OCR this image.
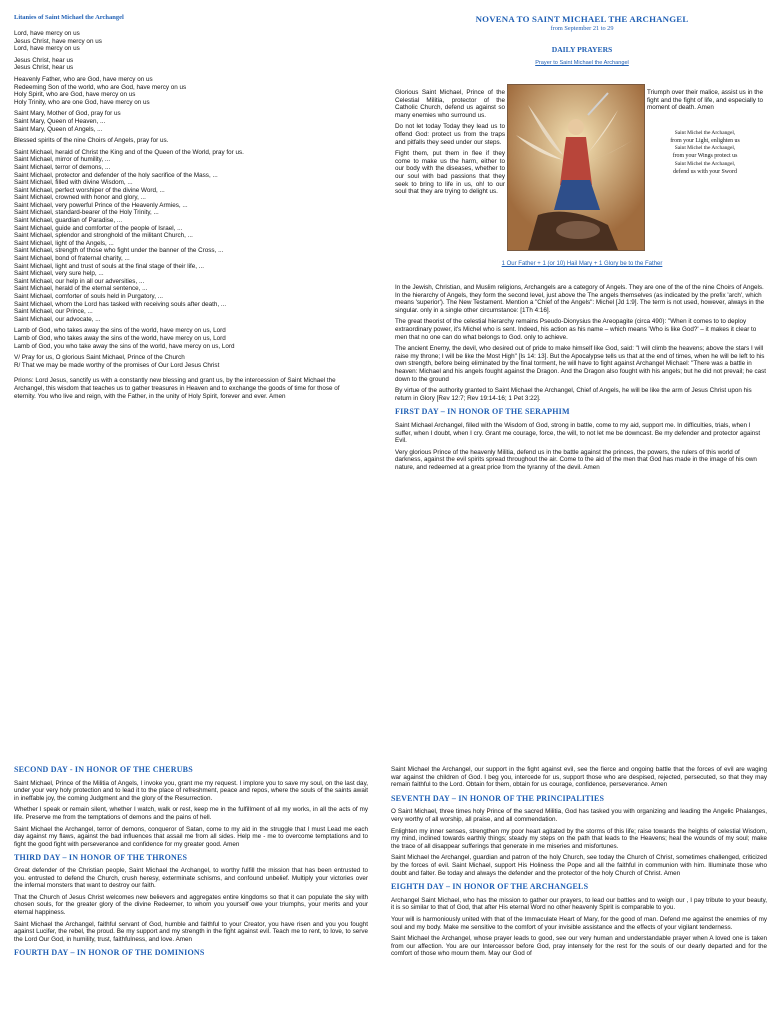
Litanies of Saint Michael the Archangel
Lord, have mercy on us
Jesus Christ, have mercy on us
Lord, have mercy on us
Jesus Christ, hear us
Jesus Christ, hear us
Heavenly Father, who are God, have mercy on us
Redeeming Son of the world, who are God, have mercy on us
Holy Spirit, who are God, have mercy on us
Holy Trinity, who are one God, have mercy on us
Saint Mary, Mother of God, pray for us
Saint Mary, Queen of Heaven, ...
Saint Mary, Queen of Angels, ...
Blessed spirits of the nine Choirs of Angels, pray for us.
Saint Michael, herald of Christ the King and of the Queen of the World, pray for us.
Saint Michael, mirror of humility, ...
Saint Michael, terror of demons, ...
Saint Michael, protector and defender of the holy sacrifice of the Mass, ...
Saint Michael, filled with divine Wisdom, ...
Saint Michael, perfect worshiper of the divine Word, ...
Saint Michael, crowned with honor and glory, ...
Saint Michael, very powerful Prince of the Heavenly Armies, ...
Saint Michael, standard-bearer of the Holy Trinity, ...
Saint Michael, guardian of Paradise, ...
Saint Michael, guide and comforter of the people of Israel, ...
Saint Michael, splendor and stronghold of the militant Church, ...
Saint Michael, light of the Angels, ...
Saint Michael, strength of those who fight under the banner of the Cross, ...
Saint Michael, bond of fraternal charity, ...
Saint Michael, light and trust of souls at the final stage of their life, ...
Saint Michael, very sure help, ...
Saint Michael, our help in all our adversities, ...
Saint Michael, herald of the eternal sentence, ...
Saint Michael, comforter of souls held in Purgatory, ...
Saint Michael, whom the Lord has tasked with receiving souls after death, ...
Saint Michael, our Prince, ...
Saint Michael, our advocate, ...
Lamb of God, who takes away the sins of the world, have mercy on us, Lord
Lamb of God, who takes away the sins of the world, have mercy on us, Lord
Lamb of God, you who take away the sins of the world, have mercy on us, Lord
V/ Pray for us, O glorious Saint Michael, Prince of the Church
R/ That we may be made worthy of the promises of Our Lord Jesus Christ
Prions: Lord Jesus, sanctify us with a constantly new blessing and grant us, by the intercession of Saint Michael the Archangel, this wisdom that teaches us to gather treasures in Heaven and to exchange the goods of time for those of eternity. You who live and reign, with the Father, in the unity of Holy Spirit, forever and ever. Amen
NOVENA TO SAINT MICHAEL THE ARCHANGEL
from September 21 to 29
DAILY PRAYERS
Prayer to Saint Michael the Archangel
Glorious Saint Michael, Prince of the Celestial Militia, protector of the Catholic Church, defend us against so many enemies who surround us.
Do not let today Today they lead us to offend God: protect us from the traps and pitfalls they seed under our steps.
Fight them, put them in flee if they come to make us the harm, either to our body with the diseases, whether to our soul with bad passions that they seek to bring to life in us, oh! to our soul that they are trying to delight us.
Triumph over their malice, assist us in the fight and the fight of life, and especially to moment of death. Amen
Saint Michel the Archangel,
from your Light, enlighten us
Saint Michel the Archangel,
from your Wings protect us
Saint Michel the Archangel,
defend us with your Sword
1 Our Father + 1 (or 10) Hail Mary + 1 Glory be to the Father
In the Jewish, Christian, and Muslim religions, Archangels are a category of Angels. They are one of the of the nine Choirs of Angels. In the hierarchy of Angels, they form the second level, just above the The angels themselves (as indicated by the prefix 'arch', which means 'superior'). The New Testament. Mention a "Chief of the Angels": Michel [Jd 1:9]. The term is not used, however, always in the singular. only in a single other circumstance: [1Th 4:16].
The great theorist of the celestial hierarchy remains Pseudo-Dionysius the Areopagite (circa 490): "When it comes to to deploy extraordinary power, it's Michel who is sent. Indeed, his action as his name – which means 'Who is like God?' – it makes it clear to men that no one can do what belongs to God. only to achieve.
The ancient Enemy, the devil, who desired out of pride to make himself like God, said: "I will climb the heavens; above the stars I will raise my throne; I will be like the Most High" [Is 14: 13]. But the Apocalypse tells us that at the end of times, when he will be left to his own strength, before being eliminated by the final torment, he will have to fight against Archangel Michael: "There was a battle in heaven: Michael and his angels fought against the Dragon. And the Dragon also fought with his angels; but he did not prevail; he cast down to the ground
By virtue of the authority granted to Saint Michael the Archangel, Chief of Angels, he will be like the arm of Jesus Christ upon his return in Glory [Rev 12:7; Rev 19:14-16; 1 Pet 3:22].
FIRST DAY – IN HONOR OF THE SERAPHIM
Saint Michael Archangel, filled with the Wisdom of God, strong in battle, come to my aid, support me. In difficulties, trials, when I suffer, when I doubt, when I cry. Grant me courage, force, the will, to not let me be downcast. Be my defender and protector against Evil.
Very glorious Prince of the heavenly Militia, defend us in the battle against the princes, the powers, the rulers of this world of darkness, against the evil spirits spread throughout the air. Come to the aid of the men that God has made in the image of his own nature, and redeemed at a great price from the tyranny of the devil. Amen
SECOND DAY - IN HONOR OF THE CHERUBS
Saint Michael, Prince of the Militia of Angels, I invoke you, grant me my request. I implore you to save my soul, on the last day, under your very holy protection and to lead it to the place of refreshment, peace and repos, where the souls of the saints await in ineffable joy, the coming Judgment and the glory of the Resurrection.
Whether I speak or remain silent, whether I watch, walk or rest, keep me in the fulfillment of all my works, in all the acts of my life. Preserve me from the temptations of demons and the pains of hell.
Saint Michael the Archangel, terror of demons, conqueror of Satan, come to my aid in the struggle that I must Lead me each day against my flaws, against the bad influences that assail me from all sides. Help me - me to overcome temptations and to fight the good fight with perseverance and confidence for my greater good. Amen
THIRD DAY – IN HONOR OF THE THRONES
Great defender of the Christian people, Saint Michael the Archangel, to worthy fulfill the mission that has been entrusted to you. entrusted to defend the Church, crush heresy, exterminate schisms, and confound unbelief. Multiply your victories over the infernal monsters that want to destroy our faith.
That the Church of Jesus Christ welcomes new believers and aggregates entire kingdoms so that it can populate the sky with chosen souls, for the greater glory of the divine Redeemer, to whom you yourself owe your triumphs, your merits and your eternal happiness.
Saint Michael the Archangel, faithful servant of God, humble and faithful to your Creator, you have risen and you you fought against Lucifer, the rebel, the proud. Be my support and my strength in the fight against evil. Teach me to rent, to love, to serve the Lord Our God, in humility, trust, faithfulness, and love. Amen
FOURTH DAY – IN HONOR OF THE DOMINIONS
Saint Michael the Archangel, our support in the fight against evil, see the fierce and ongoing battle that the forces of evil are waging war against the children of God. I beg you, intercede for us, support those who are despised, rejected, persecuted, so that they may remain faithful to the Lord. Obtain for them, obtain for us courage, confidence, perseverance. Amen
SEVENTH DAY – IN HONOR OF THE PRINCIPALITIES
O Saint Michael, three times holy Prince of the sacred Militia, God has tasked you with organizing and leading the Angelic Phalanges, very worthy of all worship, all praise, and all commendation.
Enlighten my inner senses, strengthen my poor heart agitated by the storms of this life; raise towards the heights of celestial Wisdom, my mind, inclined towards earthly things; steady my steps on the path that leads to the Heavens; heal the wounds of my soul; make the trace of all disappear sufferings that generate in me miseries and misfortunes.
Saint Michael the Archangel, guardian and patron of the holy Church, see today the Church of Christ, sometimes challenged, criticized by the forces of evil. Saint Michael, support His Holiness the Pope and all the faithful in communion with him. Illuminate those who doubt and falter. Be today and always the defender and the protector of the holy Church of Christ. Amen
EIGHTH DAY – IN HONOR OF THE ARCHANGELS
Archangel Saint Michael, who has the mission to gather our prayers, to lead our battles and to weigh our , I pay tribute to your beauty, it is so similar to that of God, that after His eternal Word no other heavenly Spirit is comparable to you.
Your will is harmoniously united with that of the Immaculate Heart of Mary, for the good of man. Defend me against the enemies of my soul and my body. Make me sensitive to the comfort of your invisible assistance and the effects of your vigilant tenderness.
Saint Michael the Archangel, whose prayer leads to good, see our very human and understandable prayer when A loved one is taken from our affection. You are our Intercessor before God, pray intensely for the rest for the souls of our dearly departed and for the comfort of those who mourn them. May our God of
